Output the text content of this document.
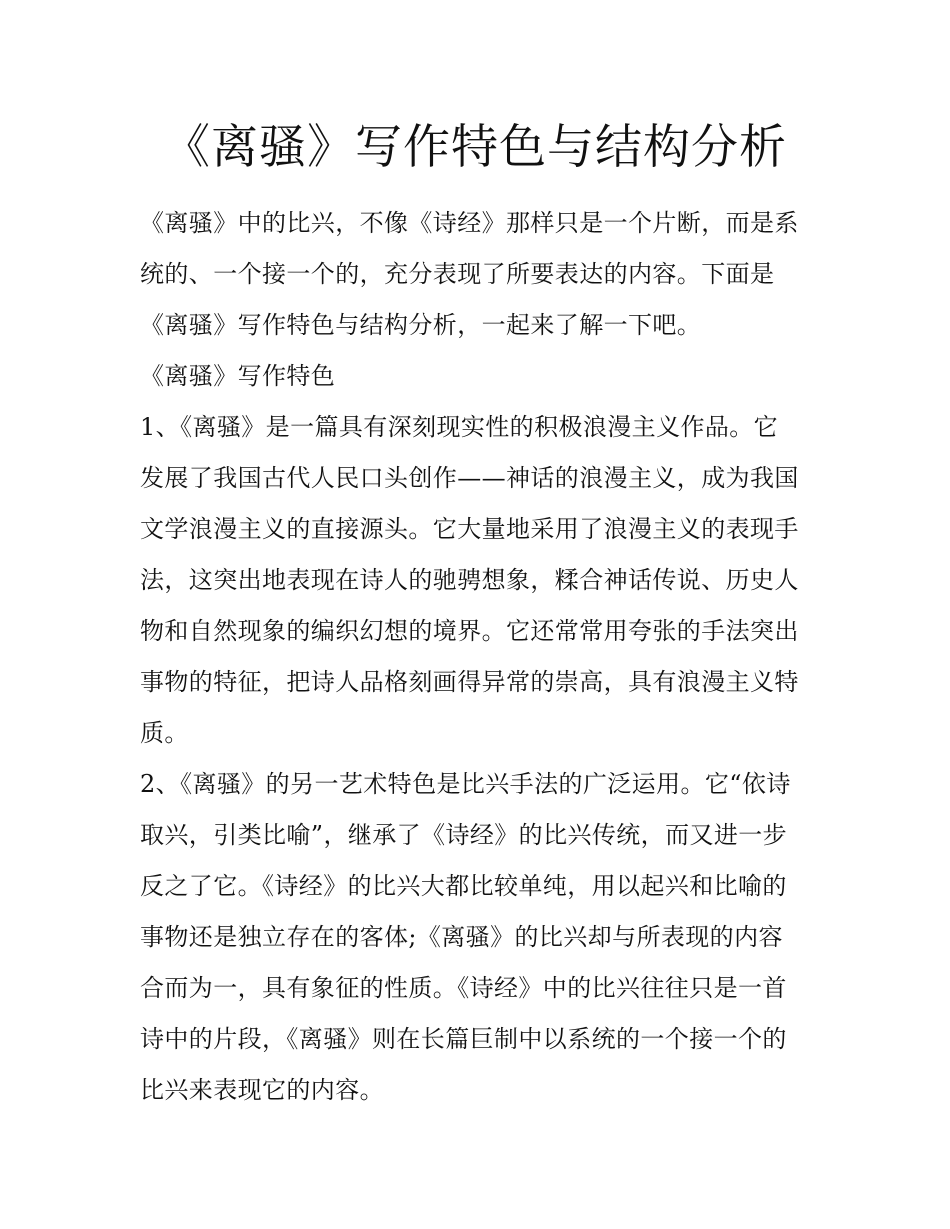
《离骚》写作特色与结构分析
《离骚》中的比兴，不像《诗经》那样只是一个片断，而是系
统的、一个接一个的，充分表现了所要表达的内容。下面是
《离骚》写作特色与结构分析，一起来了解一下吧。
《离骚》写作特色
1、《离骚》是一篇具有深刻现实性的积极浪漫主义作品。它
发展了我国古代人民口头创作——神话的浪漫主义，成为我国
文学浪漫主义的直接源头。它大量地采用了浪漫主义的表现手
法，这突出地表现在诗人的驰骋想象，糅合神话传说、历史人
物和自然现象的编织幻想的境界。它还常常用夸张的手法突出
事物的特征，把诗人品格刻画得异常的崇高，具有浪漫主义特
质。
2、《离骚》的另一艺术特色是比兴手法的广泛运用。它“依诗
取兴，引类比喻”，继承了《诗经》的比兴传统，而又进一步
反之了它。《诗经》的比兴大都比较单纯，用以起兴和比喻的
事物还是独立存在的客体;《离骚》的比兴却与所表现的内容
合而为一，具有象征的性质。《诗经》中的比兴往往只是一首
诗中的片段，《离骚》则在长篇巨制中以系统的一个接一个的
比兴来表现它的内容。
